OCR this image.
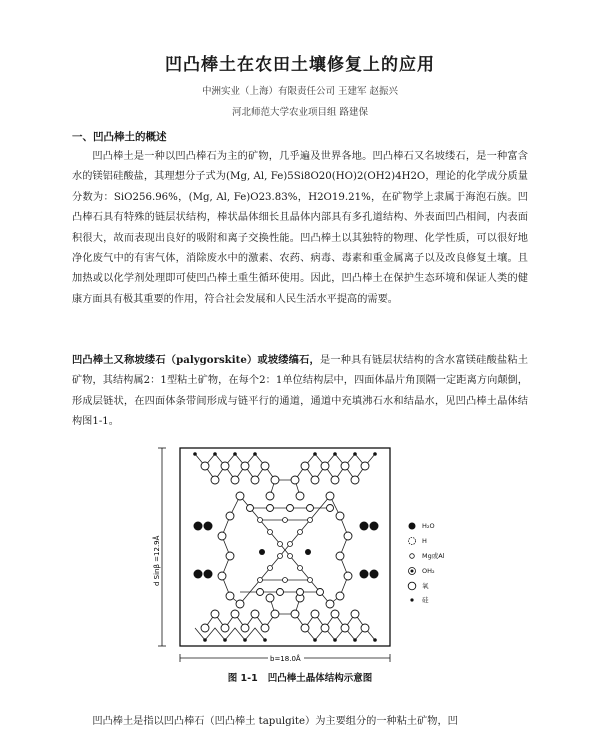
凹凸棒土在农田土壤修复上的应用
中洲实业（上海）有限责任公司 王建军 赵振兴
河北师范大学农业项目组 路建保
一、凹凸棒土的概述

凹凸棒土是一种以凹凸棒石为主的矿物，几乎遍及世界各地。凹凸棒石又名坡缕石，是一种富含水的镁铝硅酸盐，其理想分子式为(Mg, Al, Fe)5Si8O20(HO)2(OH2)4H2O，理论的化学成分质量分数为：SiO256.96%，(Mg, Al, Fe)O23.83%，H2O19.21%，在矿物学上隶属于海泡石族。凹凸棒石具有特殊的链层状结构，棒状晶体细长且晶体内部具有多孔道结构、外表面凹凸相间，内表面积很大，故而表现出良好的吸附和离子交换性能。凹凸棒土以其独特的物理、化学性质，可以很好地净化废气中的有害气体，消除废水中的激素、农药、病毒、毒素和重金属离子以及改良修复土壤。且加热或以化学剂处理即可使凹凸棒土重生循环使用。因此，凹凸棒土在保护生态环境和保证人类的健康方面具有极其重要的作用，符合社会发展和人民生活水平提高的需要。

凹凸棒土又称坡缕石（palygorskite）或坡缕缟石，是一种具有链层状结构的含水富镁硅酸盐粘土矿物，其结构属2：1型粘土矿物，在每个2：1单位结构层中，四面体晶片角顶隔一定距离方向颠倒，形成层链状，在四面体条带间形成与链平行的通道，通道中充填沸石水和结晶水，见凹凸棒土晶体结构图1-1。

d Sinβ =12.9Å
b=18.0Å
H₂O
H
Mg或Al
OH₂
氧
硅
图 1-1 凹凸棒土晶体结构示意图
凹凸棒土是指以凹凸棒石（凹凸棒土 tapulgite）为主要组分的一种粘土矿物，凹
